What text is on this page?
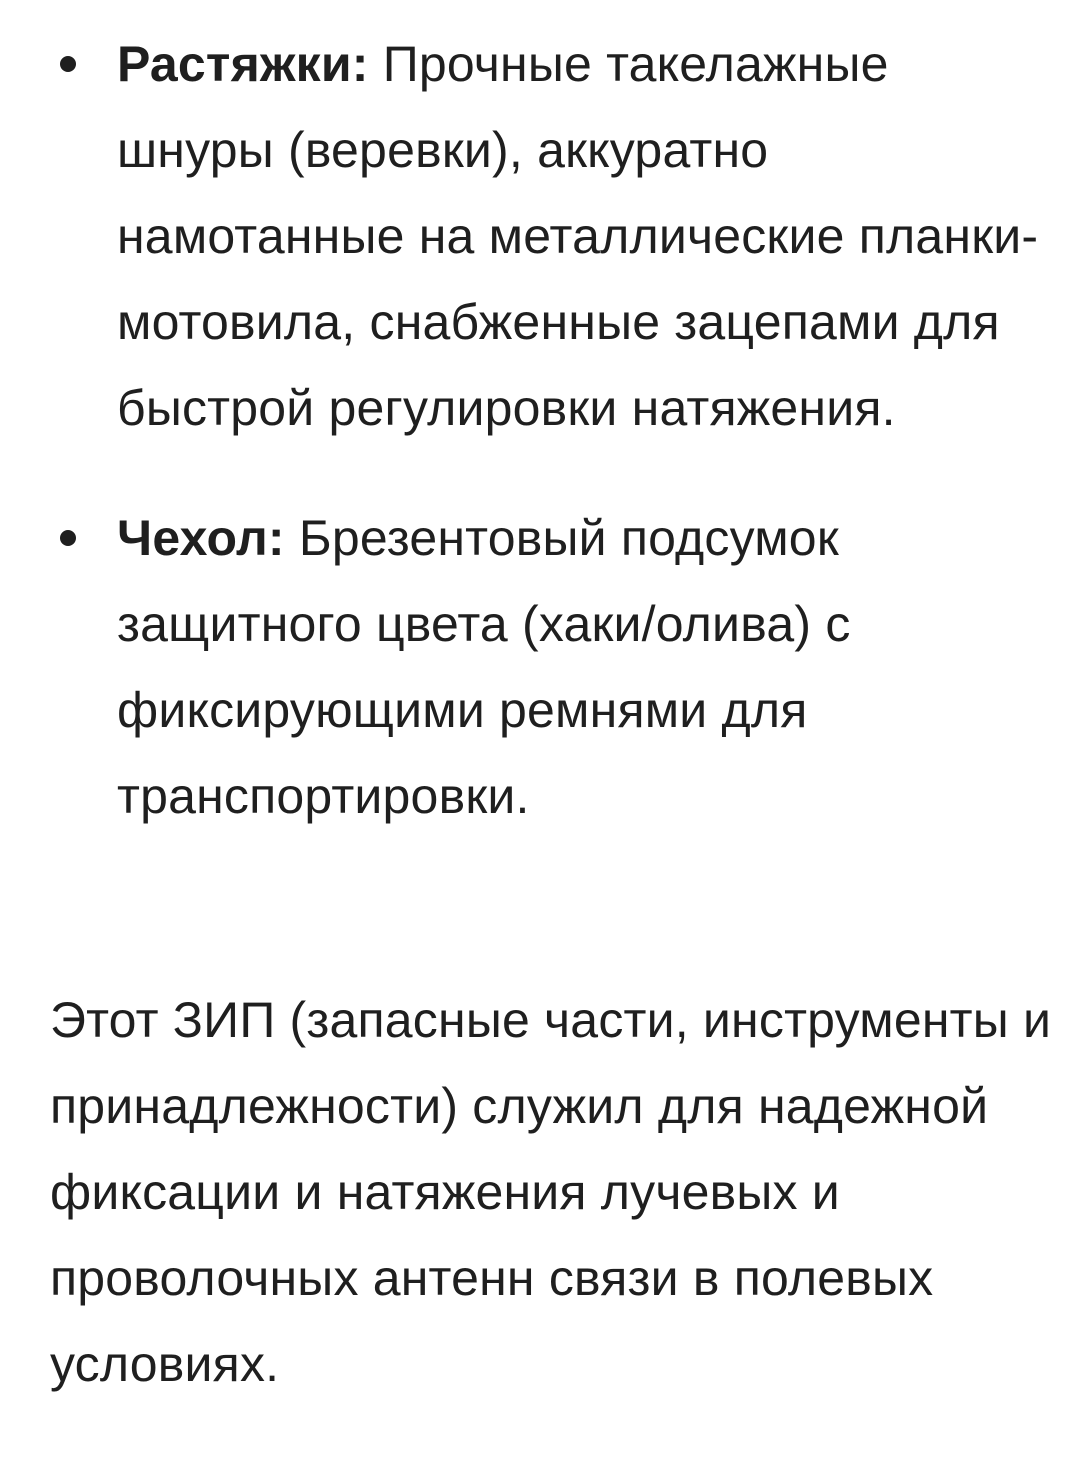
Растяжки: Прочные такелажные шнуры (веревки), аккуратно намотанные на металлические планки-мотовила, снабженные зацепами для быстрой регулировки натяжения.
Чехол: Брезентовый подсумок защитного цвета (хаки/олива) с фиксирующими ремнями для транспортировки.

Этот ЗИП (запасные части, инструменты и принадлежности) служил для надежной фиксации и натяжения лучевых и проволочных антенн связи в полевых условиях.
